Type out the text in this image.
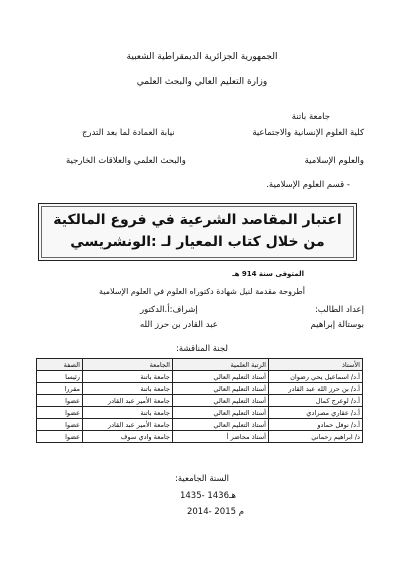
الجمهورية الجزائرية الديمقراطية الشعبية
وزارة التعليم العالي والبحث العلمي
جامعة باتنة
كلية العلوم الإنسانية والاجتماعية
نيابة العمادة لما بعد التدرج
والعلوم الإسلامية
والبحث العلمي والعلاقات الخارجية
- قسم العلوم الإسلامية.
اعتبار المقاصد الشرعية في فروع المالكية
من خلال كتاب المعيار لـ :الونشريسي
المتوفى سنة 914 هـ
أطروحة مقدمة لنيل شهادة دكتوراه العلوم في العلوم الإسلامية
إعداد الطالب:
إشراف:أ.الدكتور
بوستالة إبراهيم
عبد القادر بن حرز الله
لجنة المناقشة:
الأستاذ	الرتبة العلمية	الجامعة	الصفة
أ.د/ اسماعيل يحي رضوان	أستاذ التعليم العالي	جامعة باتنة	رئيسا
أ.د/ بن حرز الله عبد القادر	أستاذ التعليم العالي	جامعة باتنة	مقررا
أ.د/ لوعرج كمال	أستاذ التعليم العالي	جامعة الأمير عبد القادر	عضوا
أ.د/ عقاري مصرادي	أستاذ التعليم العالي	جامعة باتنة	عضوا
أ.د/ نوفل حمادو	أستاذ التعليم العالي	جامعة الأمير عبد القادر	عضوا
د/ ابراهيم رحماني	أستاذ محاضر أ	جامعة وادي سوف	عضوا
السنة الجامعية:
1435- 1436هـ
2014- 2015 م
